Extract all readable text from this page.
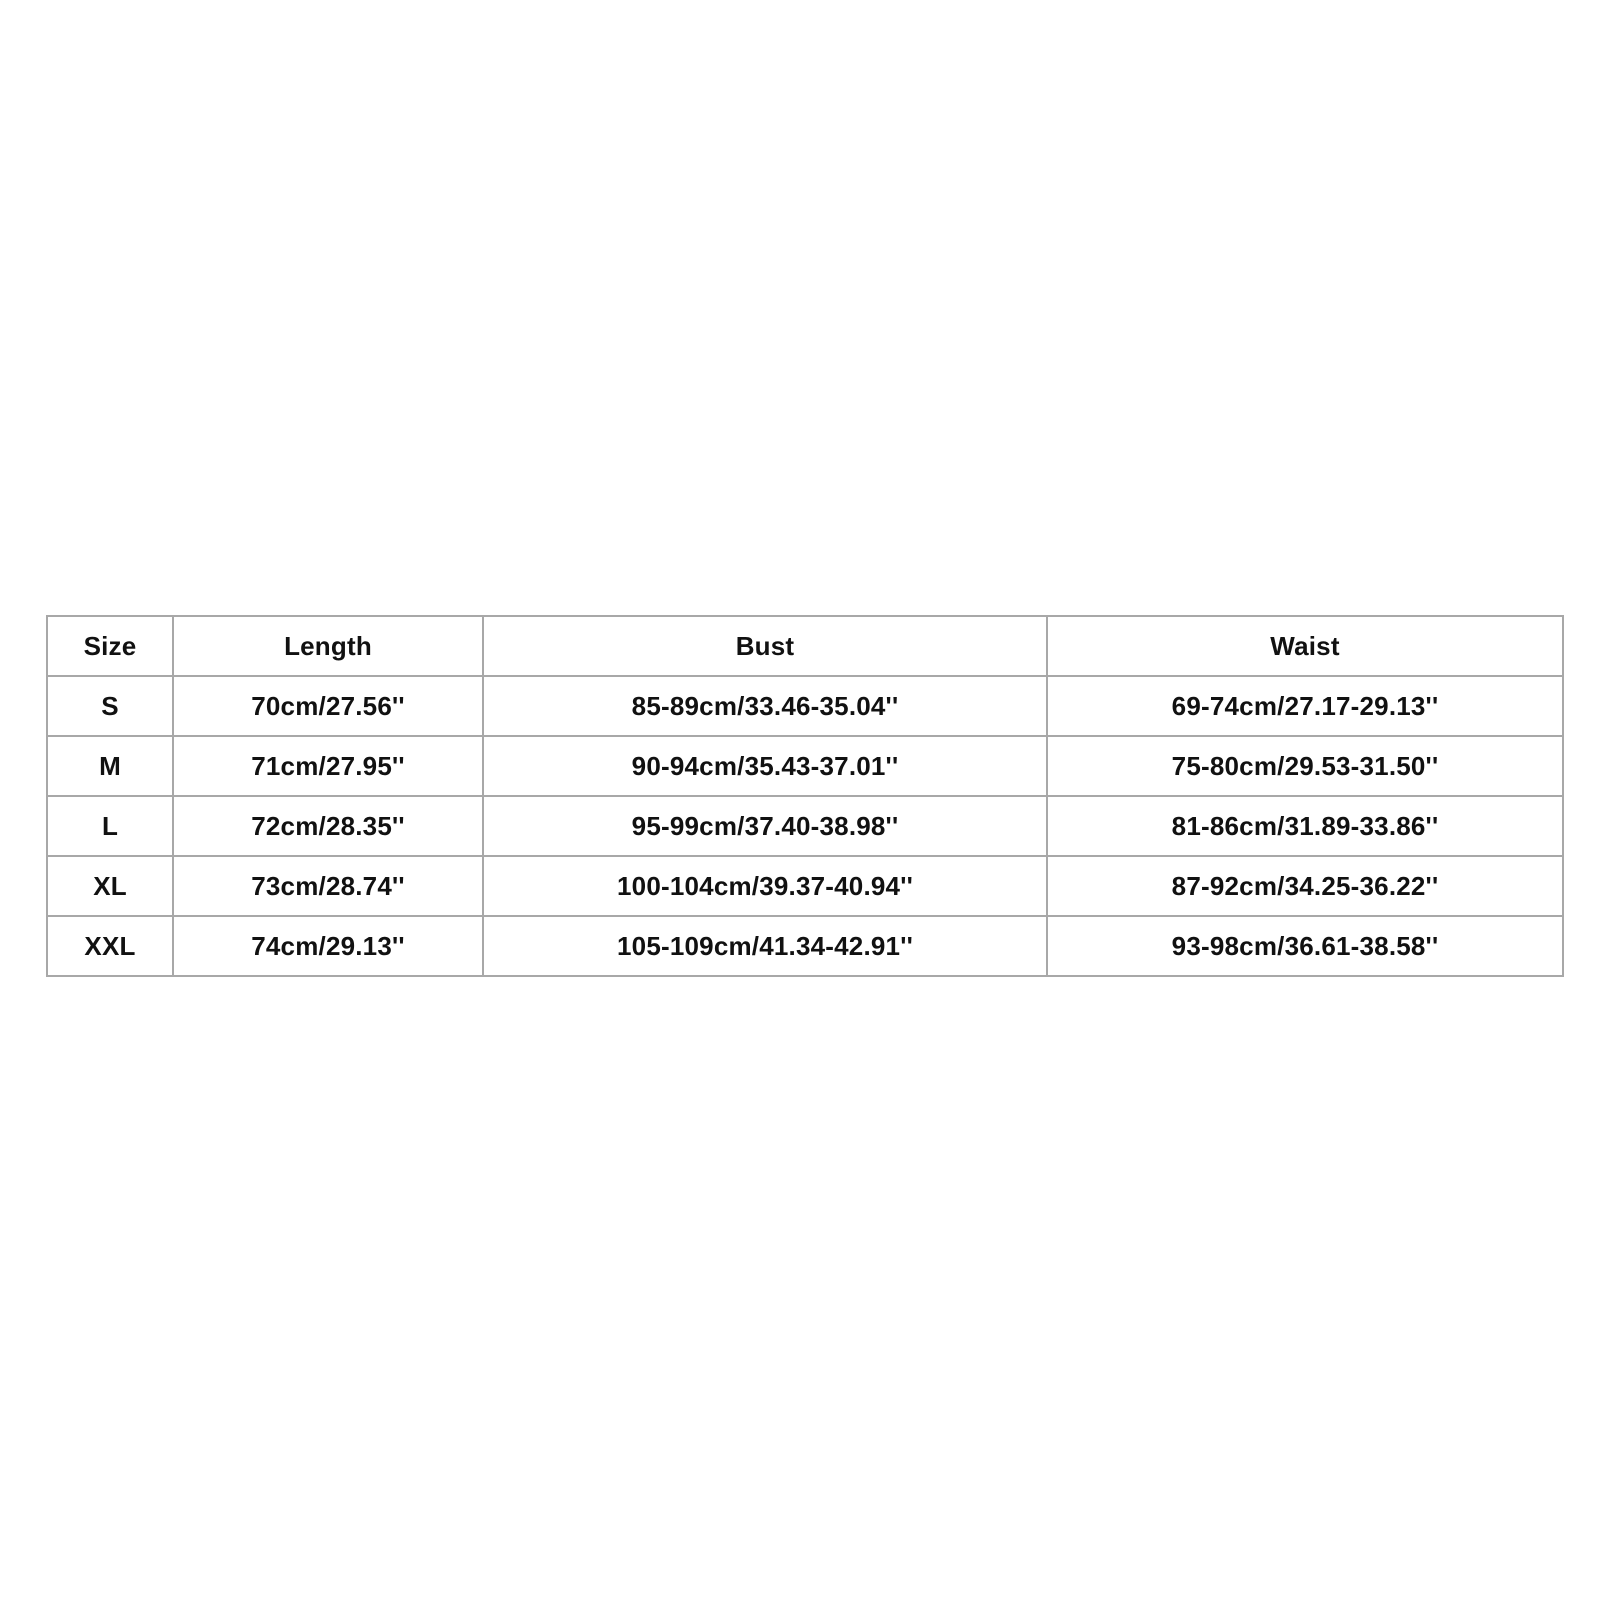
Size	Length	Bust	Waist
S	70cm/27.56''	85-89cm/33.46-35.04''	69-74cm/27.17-29.13''
M	71cm/27.95''	90-94cm/35.43-37.01''	75-80cm/29.53-31.50''
L	72cm/28.35''	95-99cm/37.40-38.98''	81-86cm/31.89-33.86''
XL	73cm/28.74''	100-104cm/39.37-40.94''	87-92cm/34.25-36.22''
XXL	74cm/29.13''	105-109cm/41.34-42.91''	93-98cm/36.61-38.58''
